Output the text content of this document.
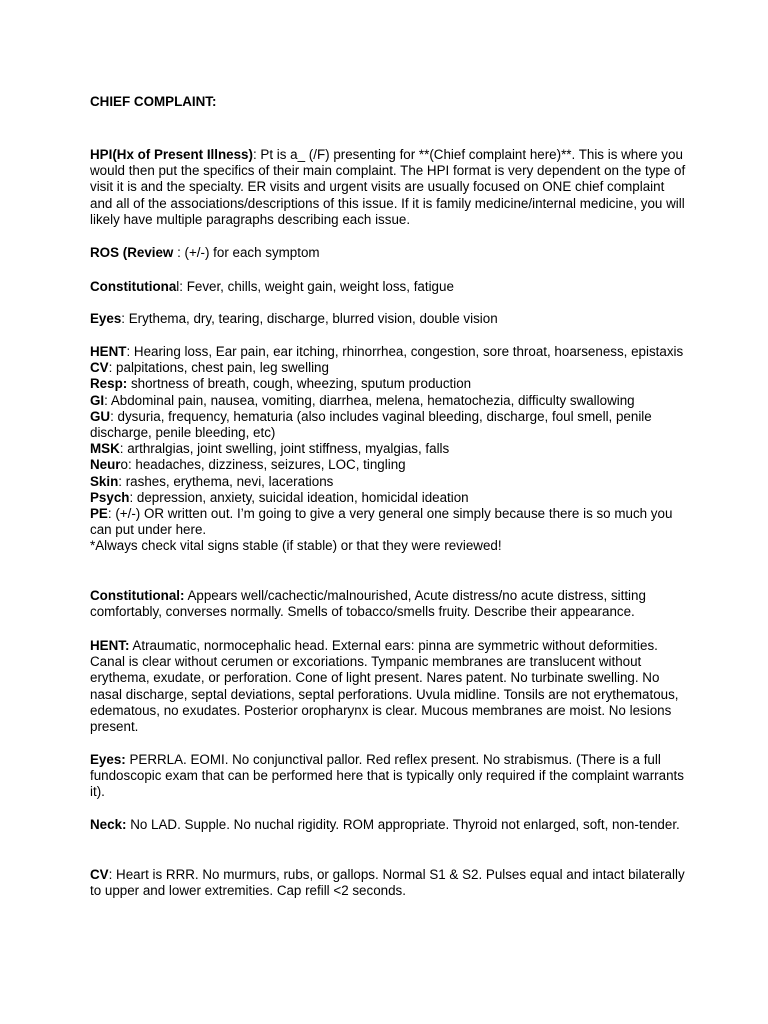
CHIEF COMPLAINT:
HPI(Hx of Present Illness): Pt is a_ (/F) presenting for **(Chief complaint here)**. This is where you would then put the specifics of their main complaint. The HPI format is very dependent on the type of visit it is and the specialty. ER visits and urgent visits are usually focused on ONE chief complaint and all of the associations/descriptions of this issue. If it is family medicine/internal medicine, you will likely have multiple paragraphs describing each issue.
ROS (Review : (+/-) for each symptom
Constitutional: Fever, chills, weight gain, weight loss, fatigue
Eyes: Erythema, dry, tearing, discharge, blurred vision, double vision
HENT: Hearing loss, Ear pain, ear itching, rhinorrhea, congestion, sore throat, hoarseness, epistaxis
CV: palpitations, chest pain, leg swelling
Resp: shortness of breath, cough, wheezing, sputum production
GI: Abdominal pain, nausea, vomiting, diarrhea, melena, hematochezia, difficulty swallowing
GU: dysuria, frequency, hematuria (also includes vaginal bleeding, discharge, foul smell, penile discharge, penile bleeding, etc)
MSK: arthralgias, joint swelling, joint stiffness, myalgias, falls
Neuro: headaches, dizziness, seizures, LOC, tingling
Skin: rashes, erythema, nevi, lacerations
Psych: depression, anxiety, suicidal ideation, homicidal ideation
PE: (+/-) OR written out. I’m going to give a very general one simply because there is so much you can put under here.
*Always check vital signs stable (if stable) or that they were reviewed!
Constitutional: Appears well/cachectic/malnourished, Acute distress/no acute distress, sitting comfortably, converses normally. Smells of tobacco/smells fruity. Describe their appearance.
HENT: Atraumatic, normocephalic head. External ears: pinna are symmetric without deformities. Canal is clear without cerumen or excoriations. Tympanic membranes are translucent without erythema, exudate, or perforation. Cone of light present. Nares patent. No turbinate swelling. No nasal discharge, septal deviations, septal perforations. Uvula midline. Tonsils are not erythematous, edematous, no exudates. Posterior oropharynx is clear. Mucous membranes are moist. No lesions present.
Eyes: PERRLA. EOMI. No conjunctival pallor. Red reflex present. No strabismus. (There is a full fundoscopic exam that can be performed here that is typically only required if the complaint warrants it).
Neck: No LAD. Supple. No nuchal rigidity. ROM appropriate. Thyroid not enlarged, soft, non-tender.
CV: Heart is RRR. No murmurs, rubs, or gallops. Normal S1 & S2. Pulses equal and intact bilaterally to upper and lower extremities. Cap refill <2 seconds.
